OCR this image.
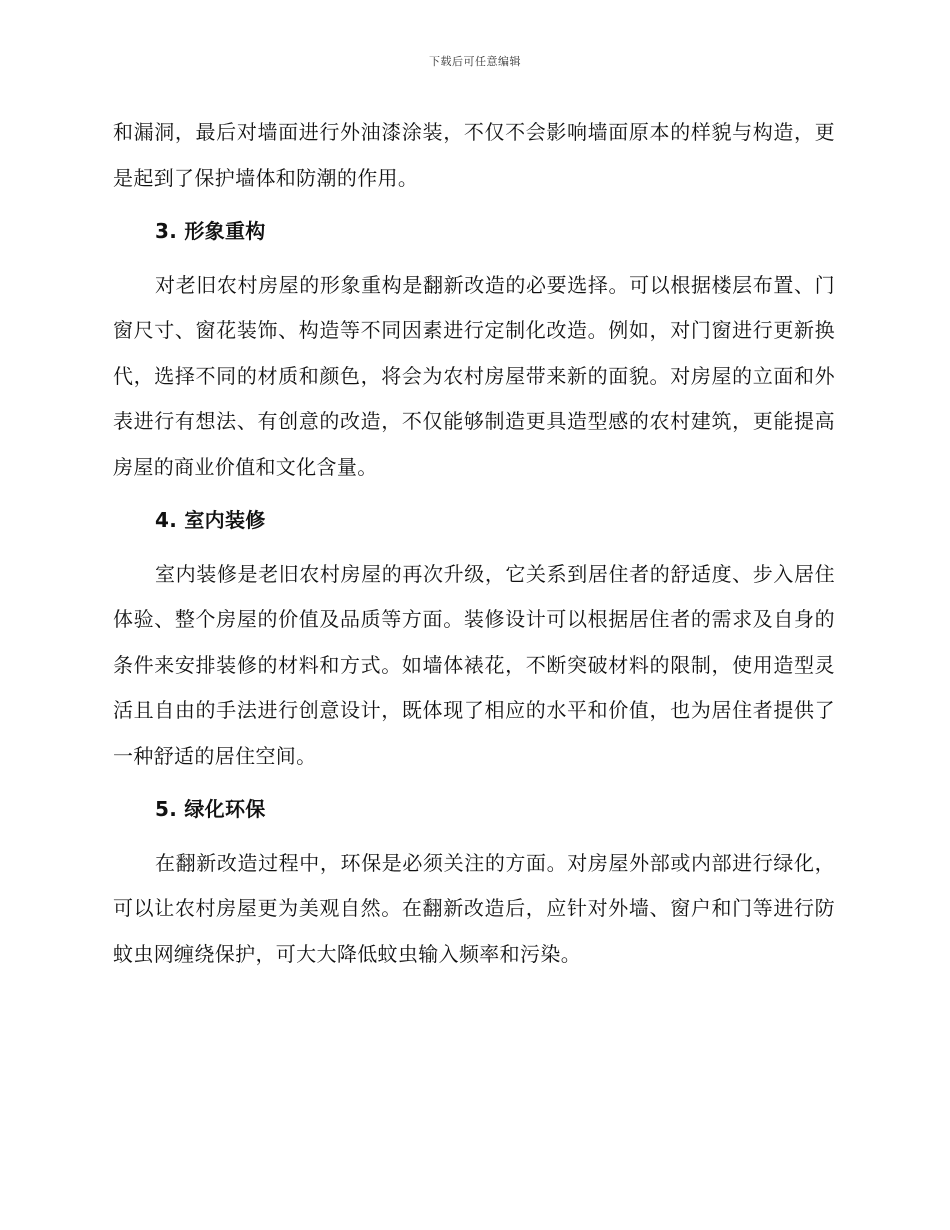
下载后可任意编辑

和漏洞，最后对墙面进行外油漆涂装，不仅不会影响墙面原本的样貌与构造，更是起到了保护墙体和防潮的作用。

3. 形象重构

对老旧农村房屋的形象重构是翻新改造的必要选择。可以根据楼层布置、门窗尺寸、窗花装饰、构造等不同因素进行定制化改造。例如，对门窗进行更新换代，选择不同的材质和颜色，将会为农村房屋带来新的面貌。对房屋的立面和外表进行有想法、有创意的改造，不仅能够制造更具造型感的农村建筑，更能提高房屋的商业价值和文化含量。

4. 室内装修

室内装修是老旧农村房屋的再次升级，它关系到居住者的舒适度、步入居住体验、整个房屋的价值及品质等方面。装修设计可以根据居住者的需求及自身的条件来安排装修的材料和方式。如墙体裱花，不断突破材料的限制，使用造型灵活且自由的手法进行创意设计，既体现了相应的水平和价值，也为居住者提供了一种舒适的居住空间。

5. 绿化环保

在翻新改造过程中，环保是必须关注的方面。对房屋外部或内部进行绿化，可以让农村房屋更为美观自然。在翻新改造后，应针对外墙、窗户和门等进行防蚊虫网缠绕保护，可大大降低蚊虫输入频率和污染。
